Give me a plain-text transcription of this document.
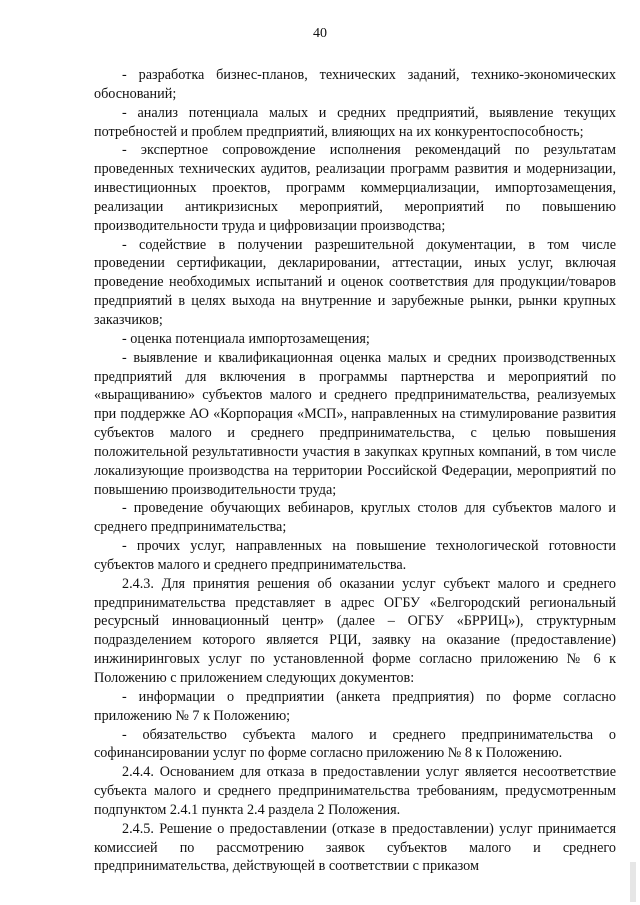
40

- разработка бизнес-планов, технических заданий, технико-экономических обоснований;

- анализ потенциала малых и средних предприятий, выявление текущих потребностей и проблем предприятий, влияющих на их конкурентоспособность;

- экспертное сопровождение исполнения рекомендаций по результатам проведенных технических аудитов, реализации программ развития и модернизации, инвестиционных проектов, программ коммерциализации, импортозамещения, реализации антикризисных мероприятий, мероприятий по повышению производительности труда и цифровизации производства;

- содействие в получении разрешительной документации, в том числе проведении сертификации, декларировании, аттестации, иных услуг, включая проведение необходимых испытаний и оценок соответствия для продукции/товаров предприятий в целях выхода на внутренние и зарубежные рынки, рынки крупных заказчиков;

- оценка потенциала импортозамещения;

- выявление и квалификационная оценка малых и средних производственных предприятий для включения в программы партнерства и мероприятий по «выращиванию» субъектов малого и среднего предпринимательства, реализуемых при поддержке АО «Корпорация «МСП», направленных на стимулирование развития субъектов малого и среднего предпринимательства, с целью повышения положительной результативности участия в закупках крупных компаний, в том числе локализующие производства на территории Российской Федерации, мероприятий по повышению производительности труда;

- проведение обучающих вебинаров, круглых столов для субъектов малого и среднего предпринимательства;

- прочих услуг, направленных на повышение технологической готовности субъектов малого и среднего предпринимательства.

2.4.3. Для принятия решения об оказании услуг субъект малого и среднего предпринимательства представляет в адрес ОГБУ «Белгородский региональный ресурсный инновационный центр» (далее – ОГБУ «БРРИЦ»), структурным подразделением которого является РЦИ, заявку на оказание (предоставление) инжиниринговых услуг по установленной форме согласно приложению № 6 к Положению с приложением следующих документов:

- информации о предприятии (анкета предприятия) по форме согласно приложению № 7 к Положению;

- обязательство субъекта малого и среднего предпринимательства о софинансировании услуг по форме согласно приложению № 8 к Положению.

2.4.4. Основанием для отказа в предоставлении услуг является несоответствие субъекта малого и среднего предпринимательства требованиям, предусмотренным подпунктом 2.4.1 пункта 2.4 раздела 2 Положения.

2.4.5. Решение о предоставлении (отказе в предоставлении) услуг принимается комиссией по рассмотрению заявок субъектов малого и среднего предпринимательства, действующей в соответствии с приказом
